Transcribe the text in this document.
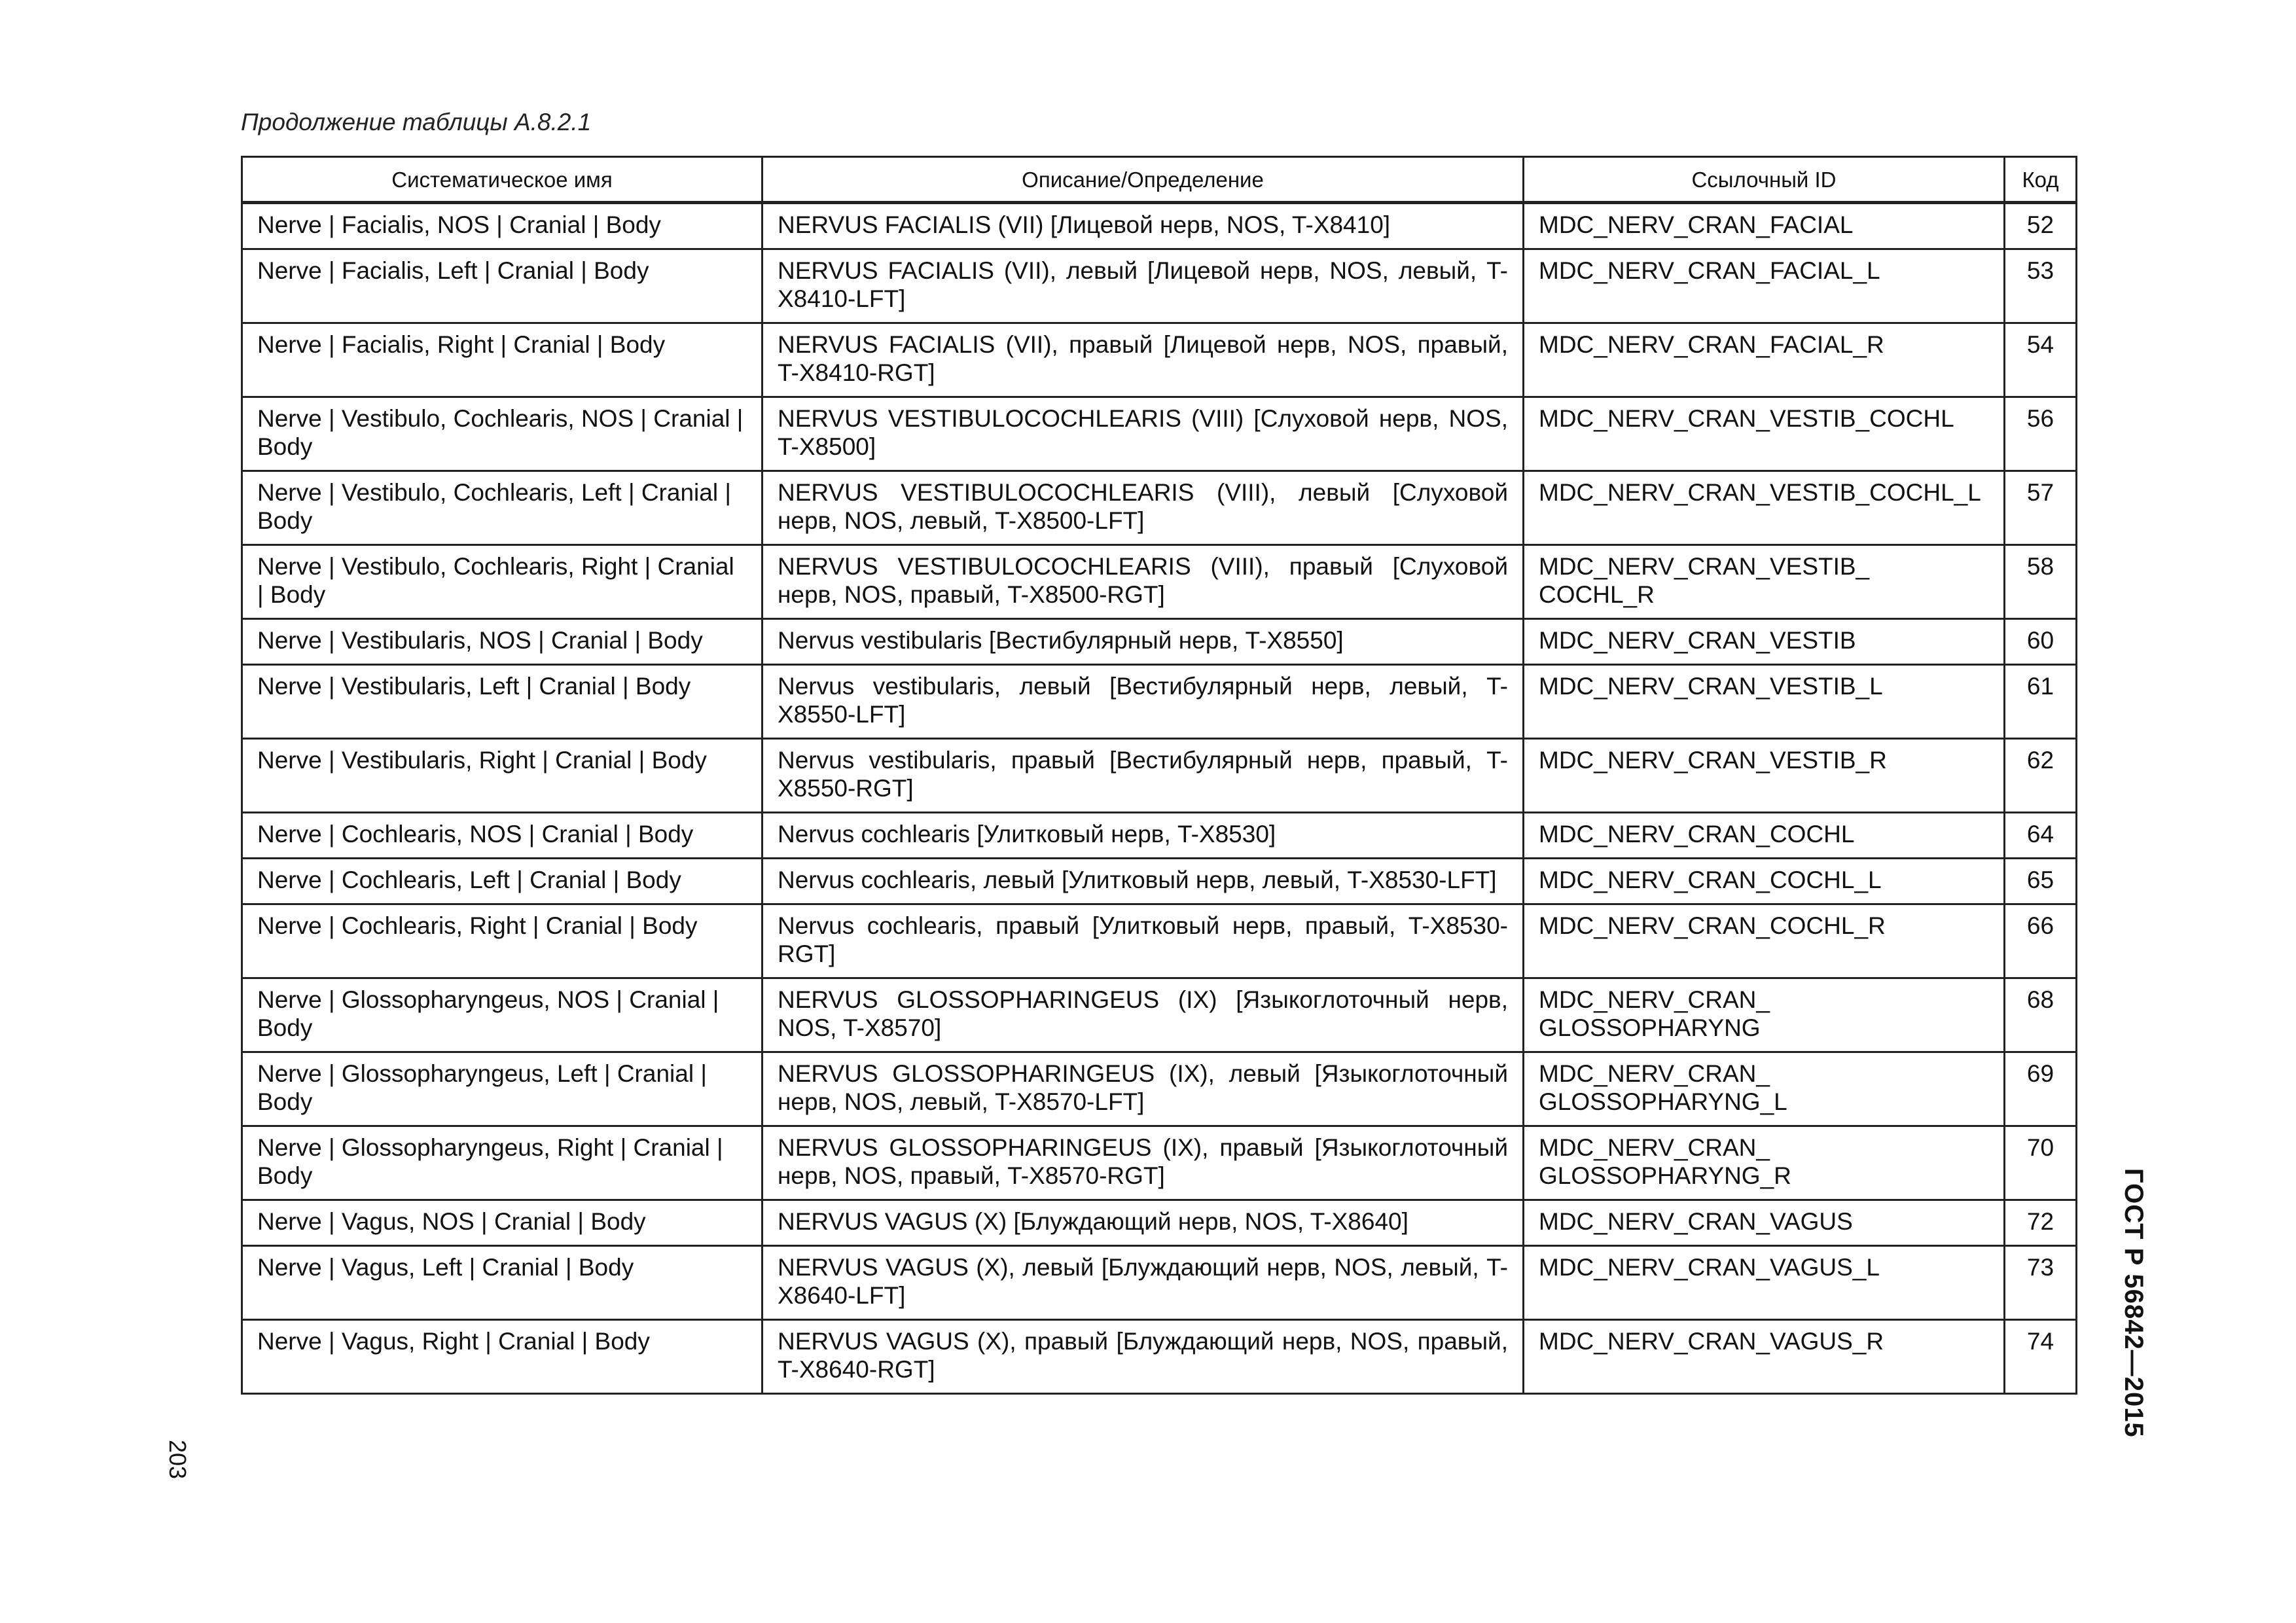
Продолжение таблицы A.8.2.1
Систематическое имя	Описание/Определение	Ссылочный ID	Код
Nerve | Facialis, NOS | Cranial | Body	NERVUS FACIALIS (VII) [Лицевой нерв, NOS, T-X8410]	MDC_NERV_CRAN_FACIAL	52
Nerve | Facialis, Left | Cranial | Body	NERVUS FACIALIS (VII), левый [Лицевой нерв, NOS, левый, T-X8410-LFT]	MDC_NERV_CRAN_FACIAL_L	53
Nerve | Facialis, Right | Cranial | Body	NERVUS FACIALIS (VII), правый [Лицевой нерв, NOS, правый, T-X8410-RGT]	MDC_NERV_CRAN_FACIAL_R	54
Nerve | Vestibulo, Cochlearis, NOS | Cranial | Body	NERVUS VESTIBULOCOCHLEARIS (VIII) [Слуховой нерв, NOS, T-X8500]	MDC_NERV_CRAN_VESTIB_COCHL	56
Nerve | Vestibulo, Cochlearis, Left | Cranial | Body	NERVUS VESTIBULOCOCHLEARIS (VIII), левый [Слуховой нерв, NOS, левый, T-X8500-LFT]	MDC_NERV_CRAN_VESTIB_COCHL_L	57
Nerve | Vestibulo, Cochlearis, Right | Cranial | Body	NERVUS VESTIBULOCOCHLEARIS (VIII), правый [Слуховой нерв, NOS, правый, T-X8500-RGT]	MDC_NERV_CRAN_VESTIB_ COCHL_R	58
Nerve | Vestibularis, NOS | Cranial | Body	Nervus vestibularis [Вестибулярный нерв, T-X8550]	MDC_NERV_CRAN_VESTIB	60
Nerve | Vestibularis, Left | Cranial | Body	Nervus vestibularis, левый [Вестибулярный нерв, левый, T-X8550-LFT]	MDC_NERV_CRAN_VESTIB_L	61
Nerve | Vestibularis, Right | Cranial | Body	Nervus vestibularis, правый [Вестибулярный нерв, правый, T-X8550-RGT]	MDC_NERV_CRAN_VESTIB_R	62
Nerve | Cochlearis, NOS | Cranial | Body	Nervus cochlearis [Улитковый нерв, T-X8530]	MDC_NERV_CRAN_COCHL	64
Nerve | Cochlearis, Left | Cranial | Body	Nervus cochlearis, левый [Улитковый нерв, левый, T-X8530-LFT]	MDC_NERV_CRAN_COCHL_L	65
Nerve | Cochlearis, Right | Cranial | Body	Nervus cochlearis, правый [Улитковый нерв, правый, T-X8530-RGT]	MDC_NERV_CRAN_COCHL_R	66
Nerve | Glossopharyngeus, NOS | Cranial | Body	NERVUS GLOSSOPHARINGEUS (IX) [Языкоглоточный нерв, NOS, T-X8570]	MDC_NERV_CRAN_ GLOSSOPHARYNG	68
Nerve | Glossopharyngeus, Left | Cranial | Body	NERVUS GLOSSOPHARINGEUS (IX), левый [Языкоглоточный нерв, NOS, левый, T-X8570-LFT]	MDC_NERV_CRAN_ GLOSSOPHARYNG_L	69
Nerve | Glossopharyngeus, Right | Cranial | Body	NERVUS GLOSSOPHARINGEUS (IX), правый [Языкоглоточный нерв, NOS, правый, T-X8570-RGT]	MDC_NERV_CRAN_ GLOSSOPHARYNG_R	70
Nerve | Vagus, NOS | Cranial | Body	NERVUS VAGUS (X) [Блуждающий нерв, NOS, T-X8640]	MDC_NERV_CRAN_VAGUS	72
Nerve | Vagus, Left | Cranial | Body	NERVUS VAGUS (X), левый [Блуждающий нерв, NOS, левый, T-X8640-LFT]	MDC_NERV_CRAN_VAGUS_L	73
Nerve | Vagus, Right | Cranial | Body	NERVUS VAGUS (X), правый [Блуждающий нерв, NOS, правый, T-X8640-RGT]	MDC_NERV_CRAN_VAGUS_R	74 ГОСТ Р 56842—2015
203
